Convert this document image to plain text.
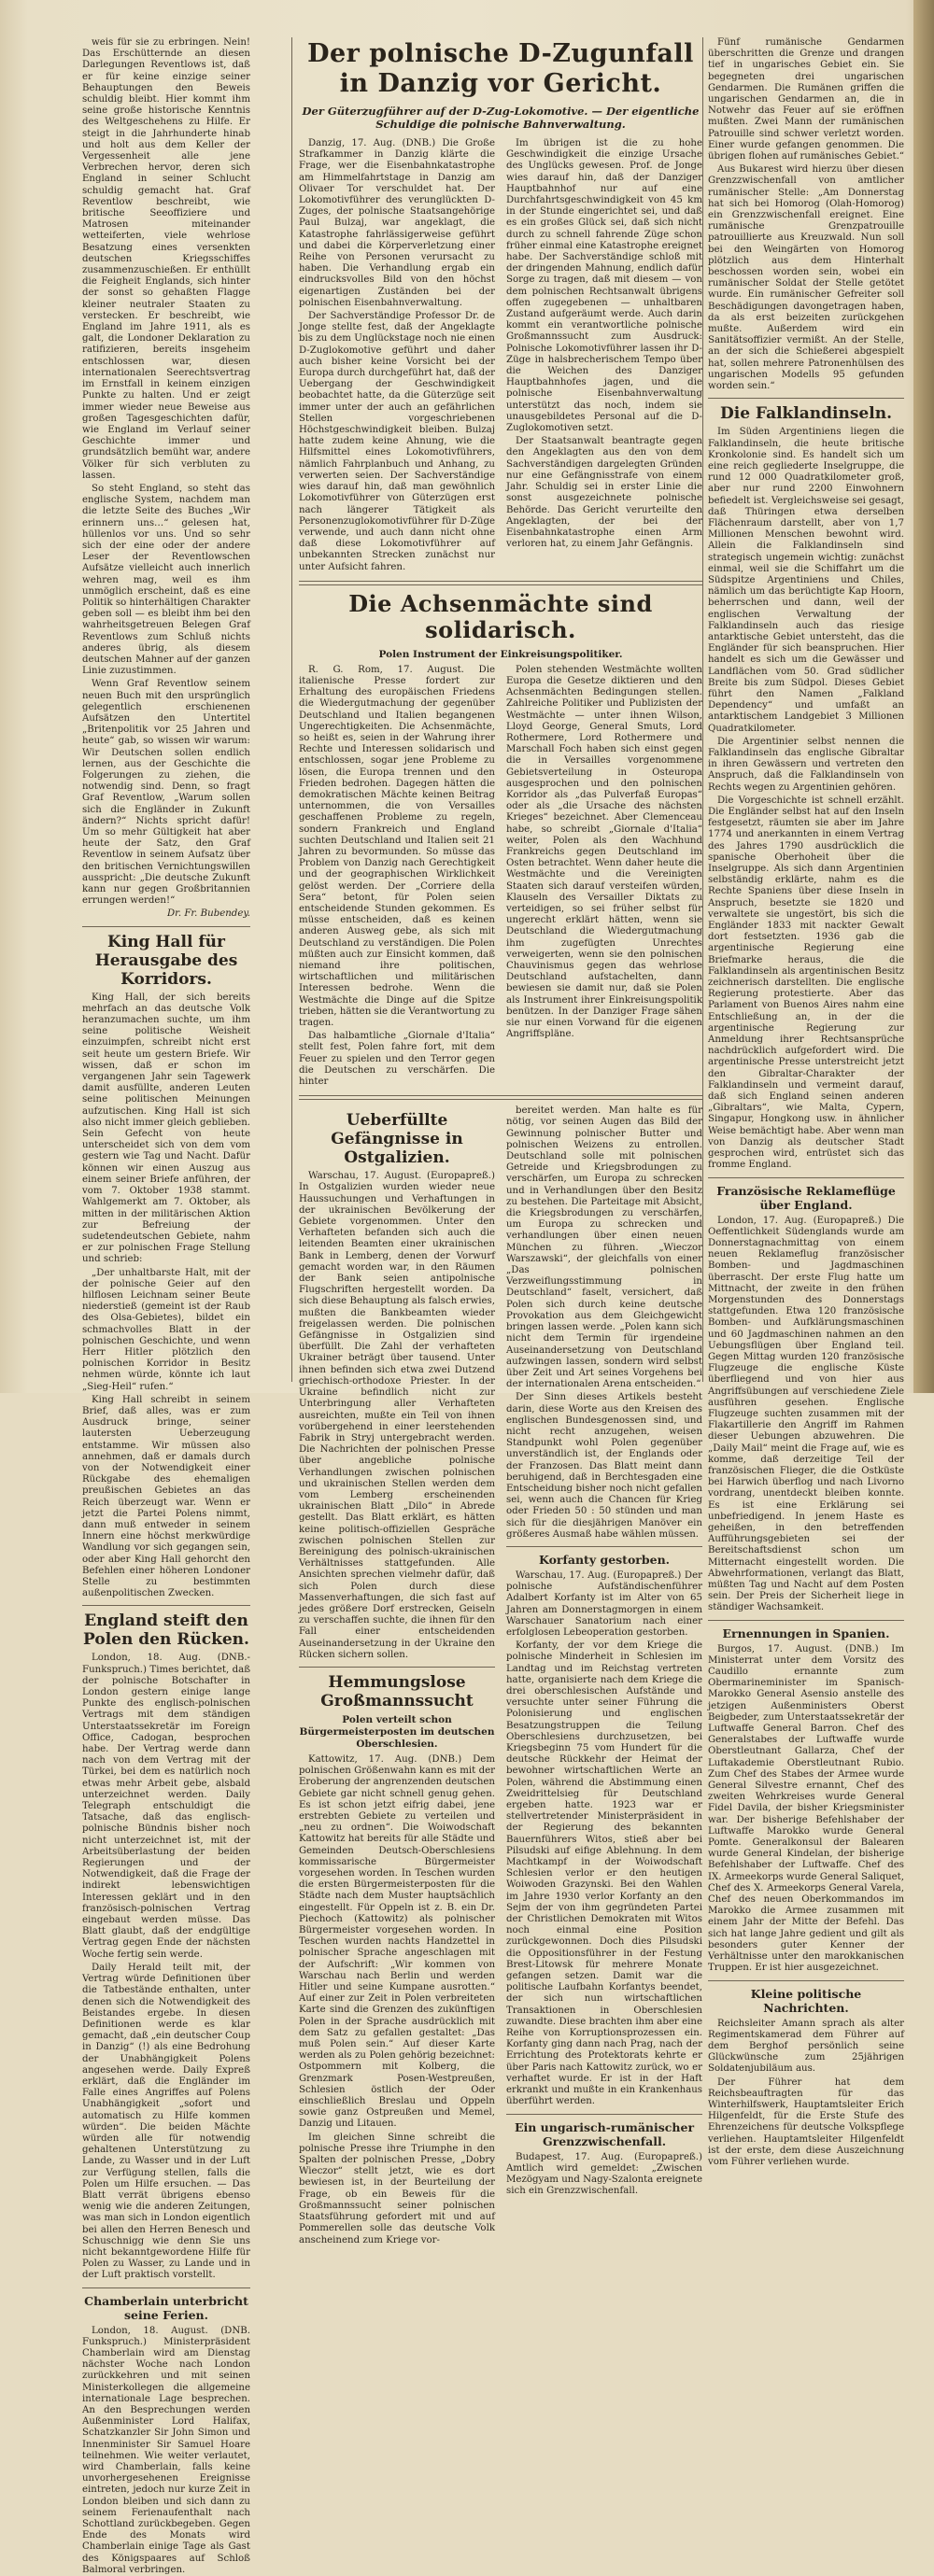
weis für sie zu erbringen. Nein! Das Erschütternde an diesen Darlegungen Reventlows ist, daß er für keine einzige seiner Behauptungen den Beweis schuldig bleibt. Hier kommt ihm seine große historische Kenntnis des Weltgeschehens zu Hilfe. Er steigt in die Jahrhunderte hinab und holt aus dem Keller der Vergessenheit alle jene Verbrechen hervor, deren sich England in seiner Schlucht schuldig gemacht hat. Graf Reventlow beschreibt, wie britische Seeoffiziere und Matrosen miteinander wetteiferten, viele wehrlose Besatzung eines versenkten deutschen Kriegsschiffes zusammenzuschießen. Er enthüllt die Feigheit Englands, sich hinter der sonst so gehaßten Flagge kleiner neutraler Staaten zu verstecken. Er beschreibt, wie England im Jahre 1911, als es galt, die Londoner Deklaration zu ratifizieren, bereits insgeheim entschlossen war, diesen internationalen Seerechtsvertrag im Ernstfall in keinem einzigen Punkte zu halten. Und er zeigt immer wieder neue Beweise aus großen Tagesgeschichten dafür, wie England im Verlauf seiner Geschichte immer und grundsätzlich bemüht war, andere Völker für sich verbluten zu lassen.

So steht England, so steht das englische System, nachdem man die letzte Seite des Buches „Wir erinnern uns…“ gelesen hat, hüllenlos vor uns. Und so sehr sich der eine oder der andere Leser der Reventlowschen Aufsätze vielleicht auch innerlich wehren mag, weil es ihm unmöglich erscheint, daß es eine Politik so hinterhältigen Charakter geben soll — es bleibt ihm bei den wahrheitsgetreuen Belegen Graf Reventlows zum Schluß nichts anderes übrig, als diesem deutschen Mahner auf der ganzen Linie zuzustimmen.

Wenn Graf Reventlow seinem neuen Buch mit den ursprünglich gelegentlich erschienenen Aufsätzen den Untertitel „Britenpolitik vor 25 Jahren und heute“ gab, so wissen wir warum: Wir Deutschen sollen endlich lernen, aus der Geschichte die Folgerungen zu ziehen, die notwendig sind. Denn, so fragt Graf Reventlow, „Warum sollen sich die Engländer in Zukunft ändern?“ Nichts spricht dafür! Um so mehr Gültigkeit hat aber heute der Satz, den Graf Reventlow in seinem Aufsatz über den britischen Vernichtungswillen ausspricht: „Die deutsche Zukunft kann nur gegen Großbritannien errungen werden!“

Dr. Fr. Bubendey.
King Hall für Herausgabe des Korridors.

King Hall, der sich bereits mehrfach an das deutsche Volk heranzumachen suchte, um ihm seine politische Weisheit einzuimpfen, schreibt nicht erst seit heute um gestern Briefe. Wir wissen, daß er schon im vergangenen Jahr sein Tagewerk damit ausfüllte, anderen Leuten seine politischen Meinungen aufzutischen. King Hall ist sich also nicht immer gleich geblieben. Sein Gefecht von heute unterscheidet sich von dem vom gestern wie Tag und Nacht. Dafür können wir einen Auszug aus einem seiner Briefe anführen, der vom 7. Oktober 1938 stammt. Wahlgemerkt am 7. Oktober, als mitten in der militärischen Aktion zur Befreiung der sudetendeutschen Gebiete, nahm er zur polnischen Frage Stellung und schrieb:

„Der unhaltbarste Halt, mit der der polnische Geier auf den hilflosen Leichnam seiner Beute niederstieß (gemeint ist der Raub des Olsa-Gebietes), bildet ein schmachvolles Blatt in der polnischen Geschichte, und wenn Herr Hitler plötzlich den polnischen Korridor in Besitz nehmen würde, könnte ich laut „Sieg-Heil“ rufen.“

King Hall schreibt in seinem Brief, daß alles, was er zum Ausdruck bringe, seiner lautersten Ueberzeugung entstamme. Wir müssen also annehmen, daß er damals durch von der Notwendigkeit einer Rückgabe des ehemaligen preußischen Gebietes an das Reich überzeugt war. Wenn er jetzt die Partei Polens nimmt, dann muß entweder in seinem Innern eine höchst merkwürdige Wandlung vor sich gegangen sein, oder aber King Hall gehorcht den Befehlen einer höheren Londoner Stelle zu bestimmten außenpolitischen Zwecken.

England steift den Polen den Rücken.

London, 18. Aug. (DNB.-Funkspruch.) Times berichtet, daß der polnische Botschafter in London gestern einige lange Punkte des englisch-polnischen Vertrags mit dem ständigen Unterstaatssekretär im Foreign Office, Cadogan, besprochen habe. Der Vertrag werde dann nach von dem Vertrag mit der Türkei, bei dem es natürlich noch etwas mehr Arbeit gebe, alsbald unterzeichnet werden. Daily Telegraph entschuldigt die Tatsache, daß das englisch-polnische Bündnis bisher noch nicht unterzeichnet ist, mit der Arbeitsüberlastung der beiden Regierungen und der Notwendigkeit, daß die Frage der indirekt lebenswichtigen Interessen geklärt und in den französisch-polnischen Vertrag eingebaut werden müsse. Das Blatt glaubt, daß der endgültige Vertrag gegen Ende der nächsten Woche fertig sein werde.

Daily Herald teilt mit, der Vertrag würde Definitionen über die Tatbestände enthalten, unter denen sich die Notwendigkeit des Beistandes ergebe. In diesen Definitionen werde es klar gemacht, daß „ein deutscher Coup in Danzig“ (!) als eine Bedrohung der Unabhängigkeit Polens angesehen werde. Daily Expreß erklärt, daß die Engländer im Falle eines Angriffes auf Polens Unabhängigkeit „sofort und automatisch zu Hilfe kommen würden“. Die beiden Mächte würden alle für notwendig gehaltenen Unterstützung zu Lande, zu Wasser und in der Luft zur Verfügung stellen, falls die Polen um Hilfe ersuchen. — Das Blatt verrät übrigens ebenso wenig wie die anderen Zeitungen, was man sich in London eigentlich bei allen den Herren Benesch und Schuschnigg wie denn Sie uns nicht bekanntgewordene Hilfe für Polen zu Wasser, zu Lande und in der Luft praktisch vorstellt.

Chamberlain unterbricht seine Ferien.

London, 18. August. (DNB. Funkspruch.) Ministerpräsident Chamberlain wird am Dienstag nächster Woche nach London zurückkehren und mit seinen Ministerkollegen die allgemeine internationale Lage besprechen. An den Besprechungen werden Außenminister Lord Halifax, Schatzkanzler Sir John Simon und Innenminister Sir Samuel Hoare teilnehmen. Wie weiter verlautet, wird Chamberlain, falls keine unvorhergesehenen Ereignisse eintreten, jedoch nur kurze Zeit in London bleiben und sich dann zu seinem Ferienaufenthalt nach Schottland zurückbegeben. Gegen Ende des Monats wird Chamberlain einige Tage als Gast des Königspaares auf Schloß Balmoral verbringen.

Der polnische D-Zugunfall in Danzig vor Gericht.
Der Güterzugführer auf der D-Zug-Lokomotive. — Der eigentliche Schuldige die polnische Bahnverwaltung.

Danzig, 17. Aug. (DNB.) Die Große Strafkammer in Danzig klärte die Frage, wer die Eisenbahnkatastrophe am Himmelfahrtstage in Danzig am Olivaer Tor verschuldet hat. Der Lokomotivführer des verunglückten D-Zuges, der polnische Staatsangehörige Paul Bulzaj, war angeklagt, die Katastrophe fahrlässigerweise geführt und dabei die Körperverletzung einer Reihe von Personen verursacht zu haben. Die Verhandlung ergab ein eindrucksvolles Bild von den höchst eigenartigen Zuständen bei der polnischen Eisenbahnverwaltung.

Der Sachverständige Professor Dr. de Jonge stellte fest, daß der Angeklagte bis zu dem Unglückstage noch nie einen D-Zuglokomotive geführt und daher auch bisher keine Vorsicht bei der Europa durch durchgeführt hat, daß der Uebergang der Geschwindigkeit beobachtet hatte, da die Güterzüge seit immer unter der auch an gefährlichen Stellen vorgeschriebenen Höchstgeschwindigkeit bleiben. Bulzaj hatte zudem keine Ahnung, wie die Hilfsmittel eines Lokomotivführers, nämlich Fahrplanbuch und Anhang, zu verwerten seien. Der Sachverständige wies darauf hin, daß man gewöhnlich Lokomotivführer von Güterzügen erst nach längerer Tätigkeit als Personenzuglokomotivführer für D-Züge verwende, und auch dann nicht ohne daß diese Lokomotivführer auf unbekannten Strecken zunächst nur unter Aufsicht fahren.

Im übrigen ist die zu hohe Geschwindigkeit die einzige Ursache des Unglücks gewesen. Prof. de Jonge wies darauf hin, daß der Danziger Hauptbahnhof nur auf eine Durchfahrtsgeschwindigkeit von 45 km in der Stunde eingerichtet sei, und daß es ein großes Glück sei, daß sich nicht durch zu schnell fahrende Züge schon früher einmal eine Katastrophe ereignet habe. Der Sachverständige schloß mit der dringenden Mahnung, endlich dafür Sorge zu tragen, daß mit diesem — von dem polnischen Rechtsanwalt übrigens offen zugegebenen — unhaltbaren Zustand aufgeräumt werde. Auch darin kommt ein verantwortliche polnische Großmannssucht zum Ausdruck: Polnische Lokomotivführer lassen ihr D-Züge in halsbrecherischem Tempo über die Weichen des Danziger Hauptbahnhofes jagen, und die polnische Eisenbahnverwaltung unterstützt das noch, indem sie unausgebildetes Personal auf die D-Zuglokomotiven setzt.

Der Staatsanwalt beantragte gegen den Angeklagten aus den von dem Sachverständigen dargelegten Gründen nur eine Gefängnisstrafe von einem Jahr. Schuldig sei in erster Linie die sonst ausgezeichnete polnische Behörde. Das Gericht verurteilte den Angeklagten, der bei der Eisenbahnkatastrophe einen Arm verloren hat, zu einem Jahr Gefängnis.

Die Achsenmächte sind solidarisch.
Polen Instrument der Einkreisungspolitiker.

R. G. Rom, 17. August. Die italienische Presse fordert zur Erhaltung des europäischen Friedens die Wiedergutmachung der gegenüber Deutschland und Italien begangenen Ungerechtigkeiten. Die Achsenmächte, so heißt es, seien in der Wahrung ihrer Rechte und Interessen solidarisch und entschlossen, sogar jene Probleme zu lösen, die Europa trennen und den Frieden bedrohen. Dagegen hätten die demokratischen Mächte keinen Beitrag unternommen, die von Versailles geschaffenen Probleme zu regeln, sondern Frankreich und England suchten Deutschland und Italien seit 21 Jahren zu bevormunden. So müsse das Problem von Danzig nach Gerechtigkeit und der geographischen Wirklichkeit gelöst werden. Der „Corriere della Sera“ betont, für Polen seien entscheidende Stunden gekommen. Es müsse entscheiden, daß es keinen anderen Ausweg gebe, als sich mit Deutschland zu verständigen. Die Polen müßten auch zur Einsicht kommen, daß niemand ihre politischen, wirtschaftlichen und militärischen Interessen bedrohe. Wenn die Westmächte die Dinge auf die Spitze trieben, hätten sie die Verantwortung zu tragen.

Das halbamtliche „Giornale d'Italia“ stellt fest, Polen fahre fort, mit dem Feuer zu spielen und den Terror gegen die Deutschen zu verschärfen. Die hinter

Polen stehenden Westmächte wollten Europa die Gesetze diktieren und den Achsenmächten Bedingungen stellen. Zahlreiche Politiker und Publizisten der Westmächte — unter ihnen Wilson, Lloyd George, General Smuts, Lord Rothermere, Lord Rothermere und Marschall Foch haben sich einst gegen die in Versailles vorgenommene Gebietsverteilung in Osteuropa ausgesprochen und den polnischen Korridor als „das Pulverfaß Europas“ oder als „die Ursache des nächsten Krieges“ bezeichnet. Aber Clemenceau habe, so schreibt „Giornale d'Italia“ weiter, Polen als den Wachhund Frankreichs gegen Deutschland im Osten betrachtet. Wenn daher heute die Westmächte und die Vereinigten Staaten sich darauf versteifen würden, Klauseln des Versailler Diktats zu verteidigen, so sei früher selbst für ungerecht erklärt hätten, wenn sie Deutschland die Wiedergutmachung ihm zugefügten Unrechtes verweigerten, wenn sie den polnischen Chauvinismus gegen das wehrlose Deutschland aufstachelten, dann bewiesen sie damit nur, daß sie Polen als Instrument ihrer Einkreisungspolitik benützen. In der Danziger Frage sähen sie nur einen Vorwand für die eigenen Angriffspläne.

Ueberfüllte Gefängnisse in Ostgalizien.

Warschau, 17. August. (Europapreß.) In Ostgalizien wurden wieder neue Haussuchungen und Verhaftungen in der ukrainischen Bevölkerung der Gebiete vorgenommen. Unter den Verhafteten befanden sich auch die leitenden Beamten einer ukrainischen Bank in Lemberg, denen der Vorwurf gemacht worden war, in den Räumen der Bank seien antipolnische Flugschriften hergestellt worden. Da sich diese Behauptung als falsch erwies, mußten die Bankbeamten wieder freigelassen werden. Die polnischen Gefängnisse in Ostgalizien sind überfüllt. Die Zahl der verhafteten Ukrainer beträgt über tausend. Unter ihnen befinden sich etwa zwei Dutzend griechisch-orthodoxe Priester. In der Ukraine befindlich nicht zur Unterbringung aller Verhafteten ausreichten, mußte ein Teil von ihnen vorübergehend in einer leerstehenden Fabrik in Stryj untergebracht werden. Die Nachrichten der polnischen Presse über angebliche polnische Verhandlungen zwischen polnischen und ukrainischen Stellen werden dem vom Lemberg erscheinenden ukrainischen Blatt „Dilo“ in Abrede gestellt. Das Blatt erklärt, es hätten keine politisch-offiziellen Gespräche zwischen polnischen Stellen zur Bereinigung des polnisch-ukrainischen Verhältnisses stattgefunden. Alle Ansichten sprechen vielmehr dafür, daß sich Polen durch diese Massenverhaftungen, die sich fast auf jedes größere Dorf erstrecken, Geiseln zu verschaffen suchte, die ihnen für den Fall einer entscheidenden Auseinandersetzung in der Ukraine den Rücken sichern sollen.

Hemmungslose Großmannssucht
Polen verteilt schon Bürgermeisterposten im deutschen Oberschlesien.

Kattowitz, 17. Aug. (DNB.) Dem polnischen Größenwahn kann es mit der Eroberung der angrenzenden deutschen Gebiete gar nicht schnell genug gehen. Es ist schon jetzt eifrig dabei, jene erstrebten Gebiete zu verteilen und „neu zu ordnen“. Die Woiwodschaft Kattowitz hat bereits für alle Städte und Gemeinden Deutsch-Oberschlesiens kommissarische Bürgermeister vorgesehen worden. In Teschen wurden die ersten Bürgermeisterposten für die Städte nach dem Muster hauptsächlich eingestellt. Für Oppeln ist z. B. ein Dr. Piechoch (Kattowitz) als polnischer Bürgermeister vorgesehen worden. In Teschen wurden nachts Handzettel in polnischer Sprache angeschlagen mit der Aufschrift: „Wir kommen von Warschau nach Berlin und werden Hitler und seine Kumpane ausrotten.“ Auf einer zur Zeit in Polen verbreiteten Karte sind die Grenzen des zukünftigen Polen in der Sprache ausdrücklich mit dem Satz zu gefallen gestaltet: „Das muß Polen sein.“ Auf dieser Karte werden als zu Polen gehörig bezeichnet: Ostpommern mit Kolberg, die Grenzmark Posen-Westpreußen, Schlesien östlich der Oder einschließlich Breslau und Oppeln sowie ganz Ostpreußen und Memel, Danzig und Litauen.

Im gleichen Sinne schreibt die polnische Presse ihre Triumphe in den Spalten der polnischen Presse, „Dobry Wieczor“ stellt jetzt, wie es dort bewiesen ist, in der Beurteilung der Frage, ob ein Beweis für die Großmannssucht seiner polnischen Staatsführung gefordert mit und auf Pommerellen solle das deutsche Volk anscheinend zum Kriege vor-

bereitet werden. Man halte es für nötig, vor seinen Augen das Bild der Gewinnung polnischer Butter und polnischen Weizens zu entrollen. Deutschland solle mit polnischen Getreide und Kriegsbrodungen zu verschärfen, um Europa zu schrecken und in Verhandlungen über den Besitz zu bestehen. Die Parteitage mit Absicht, die Kriegsbrodungen zu verschärfen, um Europa zu schrecken und verhandlungen über einen neuen München zu führen. „Wieczor Warszawski“, der gleichfalls von einer „Das polnischen Verzweiflungsstimmung in Deutschland“ faselt, versichert, daß Polen sich durch keine deutsche Provokation aus dem Gleichgewicht bringen lassen werde. „Polen kann sich nicht dem Termin für irgendeine Auseinandersetzung von Deutschland aufzwingen lassen, sondern wird selbst über Zeit und Art seines Vorgehens bei der internationalen Arena entscheiden.“

Der Sinn dieses Artikels besteht darin, diese Worte aus den Kreisen des englischen Bundesgenossen sind, und nicht recht anzugehen, weisen Standpunkt wohl Polen gegenüber unverständlich ist, der Englands oder der Franzosen. Das Blatt meint dann beruhigend, daß in Berchtesgaden eine Entscheidung bisher noch nicht gefallen sei, wenn auch die Chancen für Krieg oder Frieden 50 : 50 stünden und man sich für die diesjährigen Manöver ein größeres Ausmaß habe wählen müssen.

Korfanty gestorben.

Warschau, 17. Aug. (Europapreß.) Der polnische Aufständischenführer Adalbert Korfanty ist im Alter von 65 Jahren am Donnerstagmorgen in einem Warschauer Sanatorium nach einer erfolglosen Lebeoperation gestorben.

Korfanty, der vor dem Kriege die polnische Minderheit in Schlesien im Landtag und im Reichstag vertreten hatte, organisierte nach dem Kriege die drei oberschlesischen Aufstände und versuchte unter seiner Führung die Polonisierung und englischen Besatzungstruppen die Teilung Oberschlesiens durchzusetzen, bei Kriegsbeginn 75 vom Hundert für die deutsche Rückkehr der Heimat der bewohner wirtschaftlichen Werte an Polen, während die Abstimmung einen Zweidrittelsieg für Deutschland ergeben hatte. 1923 war er stellvertretender Ministerpräsident in der Regierung des bekannten Bauernführers Witos, stieß aber bei Pilsudski auf eifige Ablehnung. In dem Machtkampf in der Woiwodschaft Schlesien verlor er den heutigen Woiwoden Grazynski. Bei den Wahlen im Jahre 1930 verlor Korfanty an den Sejm der von ihm gegründeten Partei der Christlichen Demokraten mit Witos noch einmal eine Position zurückgewonnen. Doch dies Pilsudski die Oppositionsführer in der Festung Brest-Litowsk für mehrere Monate gefangen setzen. Damit war die politische Laufbahn Korfantys beendet, der sich nun wirtschaftlichen Transaktionen in Oberschlesien zuwandte. Diese brachten ihm aber eine Reihe von Korruptionsprozessen ein. Korfanty ging dann nach Prag, nach der Errichtung des Protektorats kehrte er über Paris nach Kattowitz zurück, wo er verhaftet wurde. Er ist in der Haft erkrankt und mußte in ein Krankenhaus überführt werden.

Ein ungarisch-rumänischer Grenzzwischenfall.

Budapest, 17. Aug. (Europapreß.) Amtlich wird gemeldet: „Zwischen Mezögyam und Nagy-Szalonta ereignete sich ein Grenzzwischenfall.

Fünf rumänische Gendarmen überschritten die Grenze und drangen tief in ungarisches Gebiet ein. Sie begegneten drei ungarischen Gendarmen. Die Rumänen griffen die ungarischen Gendarmen an, die in Notwehr das Feuer auf sie eröffnen mußten. Zwei Mann der rumänischen Patrouille sind schwer verletzt worden. Einer wurde gefangen genommen. Die übrigen flohen auf rumänisches Gebiet.“

Aus Bukarest wird hierzu über diesen Grenzzwischenfall von amtlicher rumänischer Stelle: „Am Donnerstag hat sich bei Homorog (Olah-Homorog) ein Grenzzwischenfall ereignet. Eine rumänische Grenzpatrouille patrouillierte aus Kreuzwald. Nun soll bei den Weingärten von Homorog plötzlich aus dem Hinterhalt beschossen worden sein, wobei ein rumänischer Soldat der Stelle getötet wurde. Ein rumänischer Gefreiter soll Beschädigungen davongetragen haben, da als erst beizeiten zurückgehen mußte. Außerdem wird ein Sanitätsoffizier vermißt. An der Stelle, an der sich die Schießerei abgespielt hat, sollen mehrere Patronenhülsen des ungarischen Modells 95 gefunden worden sein.“

Die Falklandinseln.

Im Süden Argentiniens liegen die Falklandinseln, die heute britische Kronkolonie sind. Es handelt sich um eine reich gegliederte Inselgruppe, die rund 12 000 Quadratkilometer groß, aber nur rund 2200 Einwohnern befiedelt ist. Vergleichsweise sei gesagt, daß Thüringen etwa derselben Flächenraum darstellt, aber von 1,7 Millionen Menschen bewohnt wird. Allein die Falklandinseln sind strategisch ungemein wichtig: zunächst einmal, weil sie die Schiffahrt um die Südspitze Argentiniens und Chiles, nämlich um das berüchtigte Kap Hoorn, beherrschen und dann, weil der englischen Verwaltung der Falklandinseln auch das riesige antarktische Gebiet untersteht, das die Engländer für sich beanspruchen. Hier handelt es sich um die Gewässer und Landflächen vom 50. Grad südlicher Breite bis zum Südpol. Dieses Gebiet führt den Namen „Falkland Dependency“ und umfaßt an antarktischem Landgebiet 3 Millionen Quadratkilometer.

Die Argentinier selbst nennen die Falklandinseln das englische Gibraltar in ihren Gewässern und vertreten den Anspruch, daß die Falklandinseln von Rechts wegen zu Argentinien gehören.

Die Vorgeschichte ist schnell erzählt. Die Engländer selbst hat auf den Inseln festgesetzt, räumten sie aber im Jahre 1774 und anerkannten in einem Vertrag des Jahres 1790 ausdrücklich die spanische Oberhoheit über die Inselgruppe. Als sich dann Argentinien selbständig erklärte, nahm es die Rechte Spaniens über diese Inseln in Anspruch, besetzte sie 1820 und verwaltete sie ungestört, bis sich die Engländer 1833 mit nackter Gewalt dort festsetzten. 1936 gab die argentinische Regierung eine Briefmarke heraus, die die Falklandinseln als argentinischen Besitz zeichnerisch darstellten. Die englische Regierung protestierte. Aber das Parlament von Buenos Aires nahm eine Entschließung an, in der die argentinische Regierung zur Anmeldung ihrer Rechtsansprüche nachdrücklich aufgefordert wird. Die argentinische Presse unterstreicht jetzt den Gibraltar-Charakter der Falklandinseln und vermeint darauf, daß sich England seinen anderen „Gibraltars“, wie Malta, Cypern, Singapur, Hongkong usw. in ähnlicher Weise bemächtigt habe. Aber wenn man von Danzig als deutscher Stadt gesprochen wird, entrüstet sich das fromme England.

Französische Reklameflüge über England.

London, 17. Aug. (Europapreß.) Die Oeffentlichkeit Südenglands wurde am Donnerstagnachmittag von einem neuen Reklameflug französischer Bomben- und Jagdmaschinen überrascht. Der erste Flug hatte um Mittnacht, der zweite in den frühen Morgenstunden des Donnerstags stattgefunden. Etwa 120 französische Bomben- und Aufklärungsmaschinen und 60 Jagdmaschinen nahmen an den Uebungsflügen über England teil. Gegen Mittag wurden 120 französische Flugzeuge die englische Küste überfliegend und von hier aus Angriffsübungen auf verschiedene Ziele ausführen gesehen. Englische Flugzeuge suchten zusammen mit der Flakartillerie den Angriff im Rahmen dieser Uebungen abzuwehren. Die „Daily Mail“ meint die Frage auf, wie es komme, daß derzeitige Teil der französischen Flieger, die die Ostküste bei Harwich überflog und nach Livorno vordrang, unentdeckt bleiben konnte. Es ist eine Erklärung sei unbefriedigend. In jenem Haste es geheißen, in den betreffenden Aufführungsgebieten sei der Bereitschaftsdienst schon um Mitternacht eingestellt worden. Die Abwehrformationen, verlangt das Blatt, müßten Tag und Nacht auf dem Posten sein. Der Preis der Sicherheit liege in ständiger Wachsamkeit.

Ernennungen in Spanien.

Burgos, 17. August. (DNB.) Im Ministerrat unter dem Vorsitz des Caudillo ernannte zum Obermarineminister im Spanisch-Marokko General Asensio anstelle des jetzigen Außenministers Oberst Beigbeder, zum Unterstaatssekretär der Luftwaffe General Barron. Chef des Generalstabes der Luftwaffe wurde Oberstleutnant Gallarza, Chef der Luftakademie Oberstleutnant Rubio. Zum Chef des Stabes der Armee wurde General Silvestre ernannt, Chef des zweiten Wehrkreises wurde General Fidel Davila, der bisher Kriegsminister war. Der bisherige Befehlshaber der Luftwaffe Marokko wurde General Pomte. Generalkonsul der Balearen wurde General Kindelan, der bisherige Befehlshaber der Luftwaffe. Chef des IX. Armeekorps wurde General Saliquet, Chef des X. Armeekorps General Varela, Chef des neuen Oberkommandos im Marokko die Armee zusammen mit einem Jahr der Mitte der Befehl. Das sich hat lange Jahre gedient und gilt als besonders guter Kenner der Verhältnisse unter den marokkanischen Truppen. Er ist hier ausgezeichnet.

Kleine politische Nachrichten.

Reichsleiter Amann sprach als alter Regimentskamerad dem Führer auf dem Berghof persönlich seine Glückwünsche zum 25jährigen Soldatenjubiläum aus.

Der Führer hat dem Reichsbeauftragten für das Winterhilfswerk, Hauptamtsleiter Erich Hilgenfeldt, für die Erste Stufe des Ehrenzeichens für deutsche Volkspflege verliehen. Hauptamtsleiter Hilgenfeldt ist der erste, dem diese Auszeichnung vom Führer verliehen wurde.
